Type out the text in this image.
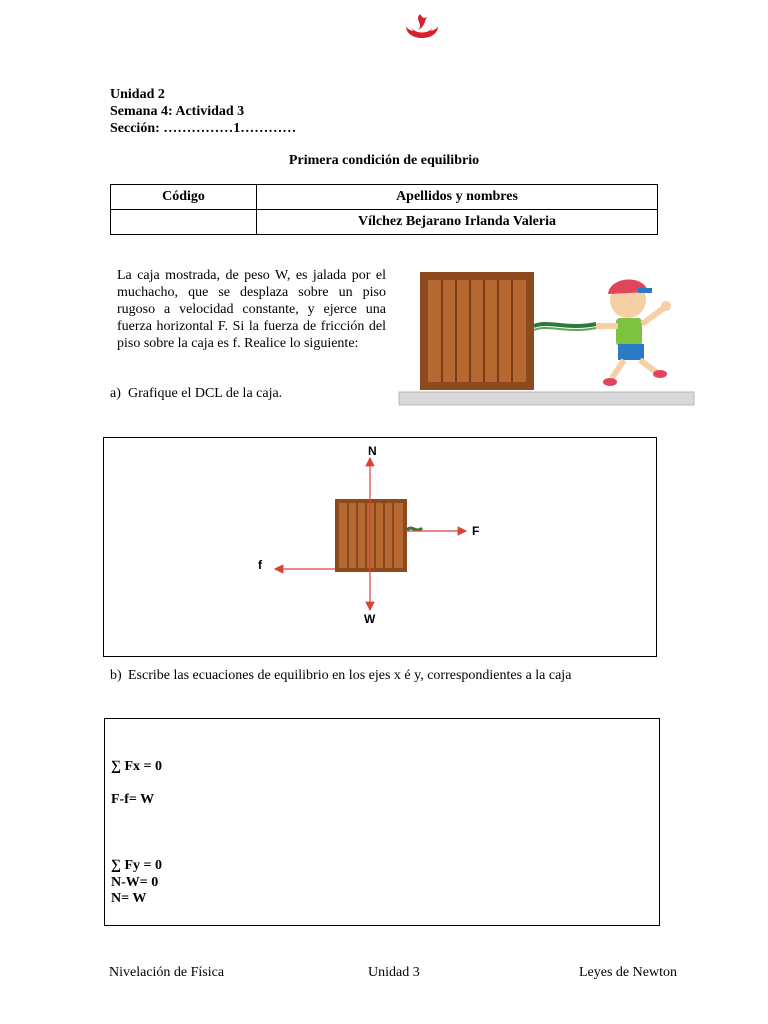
Unidad 2
Semana 4: Actividad 3
Sección: ……………1…………
Primera condición de equilibrio
Código	Apellidos y nombres
	Vílchez Bejarano Irlanda Valeria
La caja mostrada, de peso W, es jalada por el muchacho, que se desplaza sobre un piso rugoso a velocidad constante, y ejerce una fuerza horizontal F. Si la fuerza de fricción del piso sobre la caja es f. Realice lo siguiente:
a) Grafique el DCL de la caja.
N
F
f
W
b) Escribe las ecuaciones de equilibrio en los ejes x é y, correspondientes a la caja
∑ Fx = 0
F-f= W
∑ Fy = 0
N-W= 0
N= W
Nivelación de Física	Unidad 3	Leyes de Newton
